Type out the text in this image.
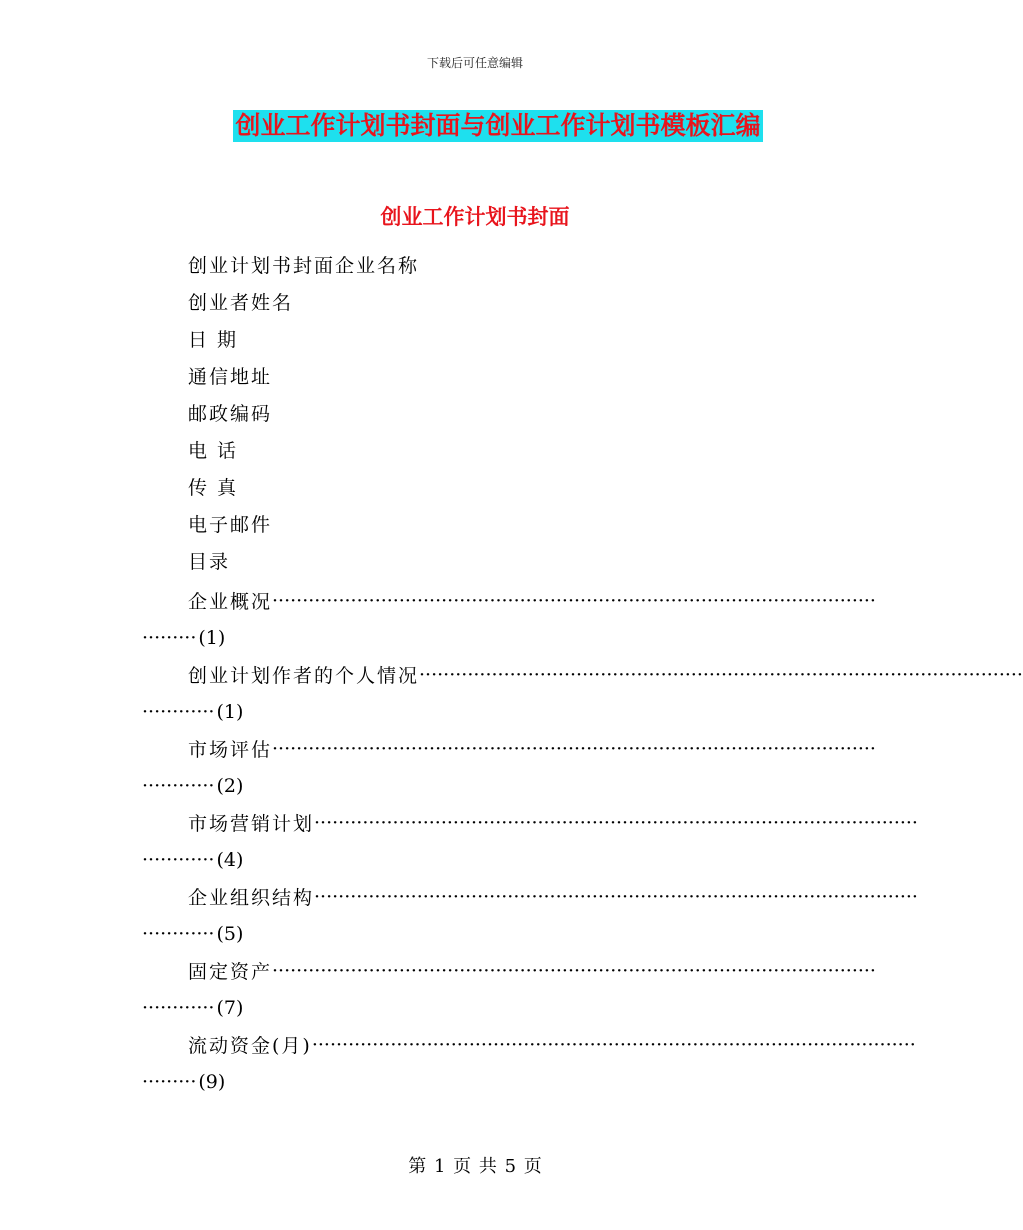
下载后可任意编辑
创业工作计划书封面与创业工作计划书模板汇编
创业工作计划书封面
创业计划书封面企业名称
创业者姓名
日 期
通信地址
邮政编码
电 话
传 真
电子邮件
目录
企业概况 ····································································································
········· (1)
创业计划作者的个人情况 ····································································································
············ (1)
市场评估 ····································································································
············ (2)
市场营销计划 ····································································································
············ (4)
企业组织结构 ····································································································
············ (5)
固定资产 ····································································································
············ (7)
流动资金(月) ····································································································
········· (9)
第 1 页 共 5 页
